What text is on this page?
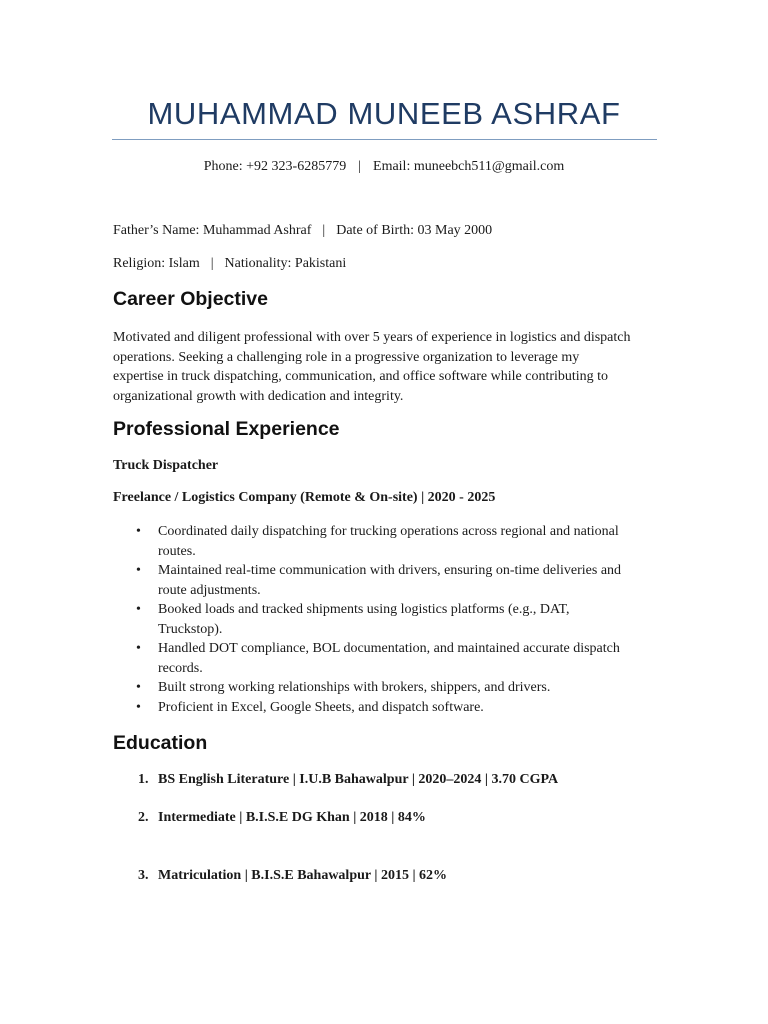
MUHAMMAD MUNEEB ASHRAF
Phone: +92 323-6285779 | Email: muneebch511@gmail.com
Father’s Name: Muhammad Ashraf | Date of Birth: 03 May 2000
Religion: Islam | Nationality: Pakistani
Career Objective
Motivated and diligent professional with over 5 years of experience in logistics and dispatch
operations. Seeking a challenging role in a progressive organization to leverage my
expertise in truck dispatching, communication, and office software while contributing to
organizational growth with dedication and integrity.
Professional Experience
Truck Dispatcher
Freelance / Logistics Company (Remote & On-site) | 2020 - 2025
• Coordinated daily dispatching for trucking operations across regional and national
routes.
• Maintained real-time communication with drivers, ensuring on-time deliveries and
route adjustments.
• Booked loads and tracked shipments using logistics platforms (e.g., DAT,
Truckstop).
• Handled DOT compliance, BOL documentation, and maintained accurate dispatch
records.
• Built strong working relationships with brokers, shippers, and drivers.
• Proficient in Excel, Google Sheets, and dispatch software.
Education
1. BS English Literature | I.U.B Bahawalpur | 2020–2024 | 3.70 CGPA
2. Intermediate | B.I.S.E DG Khan | 2018 | 84%
3. Matriculation | B.I.S.E Bahawalpur | 2015 | 62%
